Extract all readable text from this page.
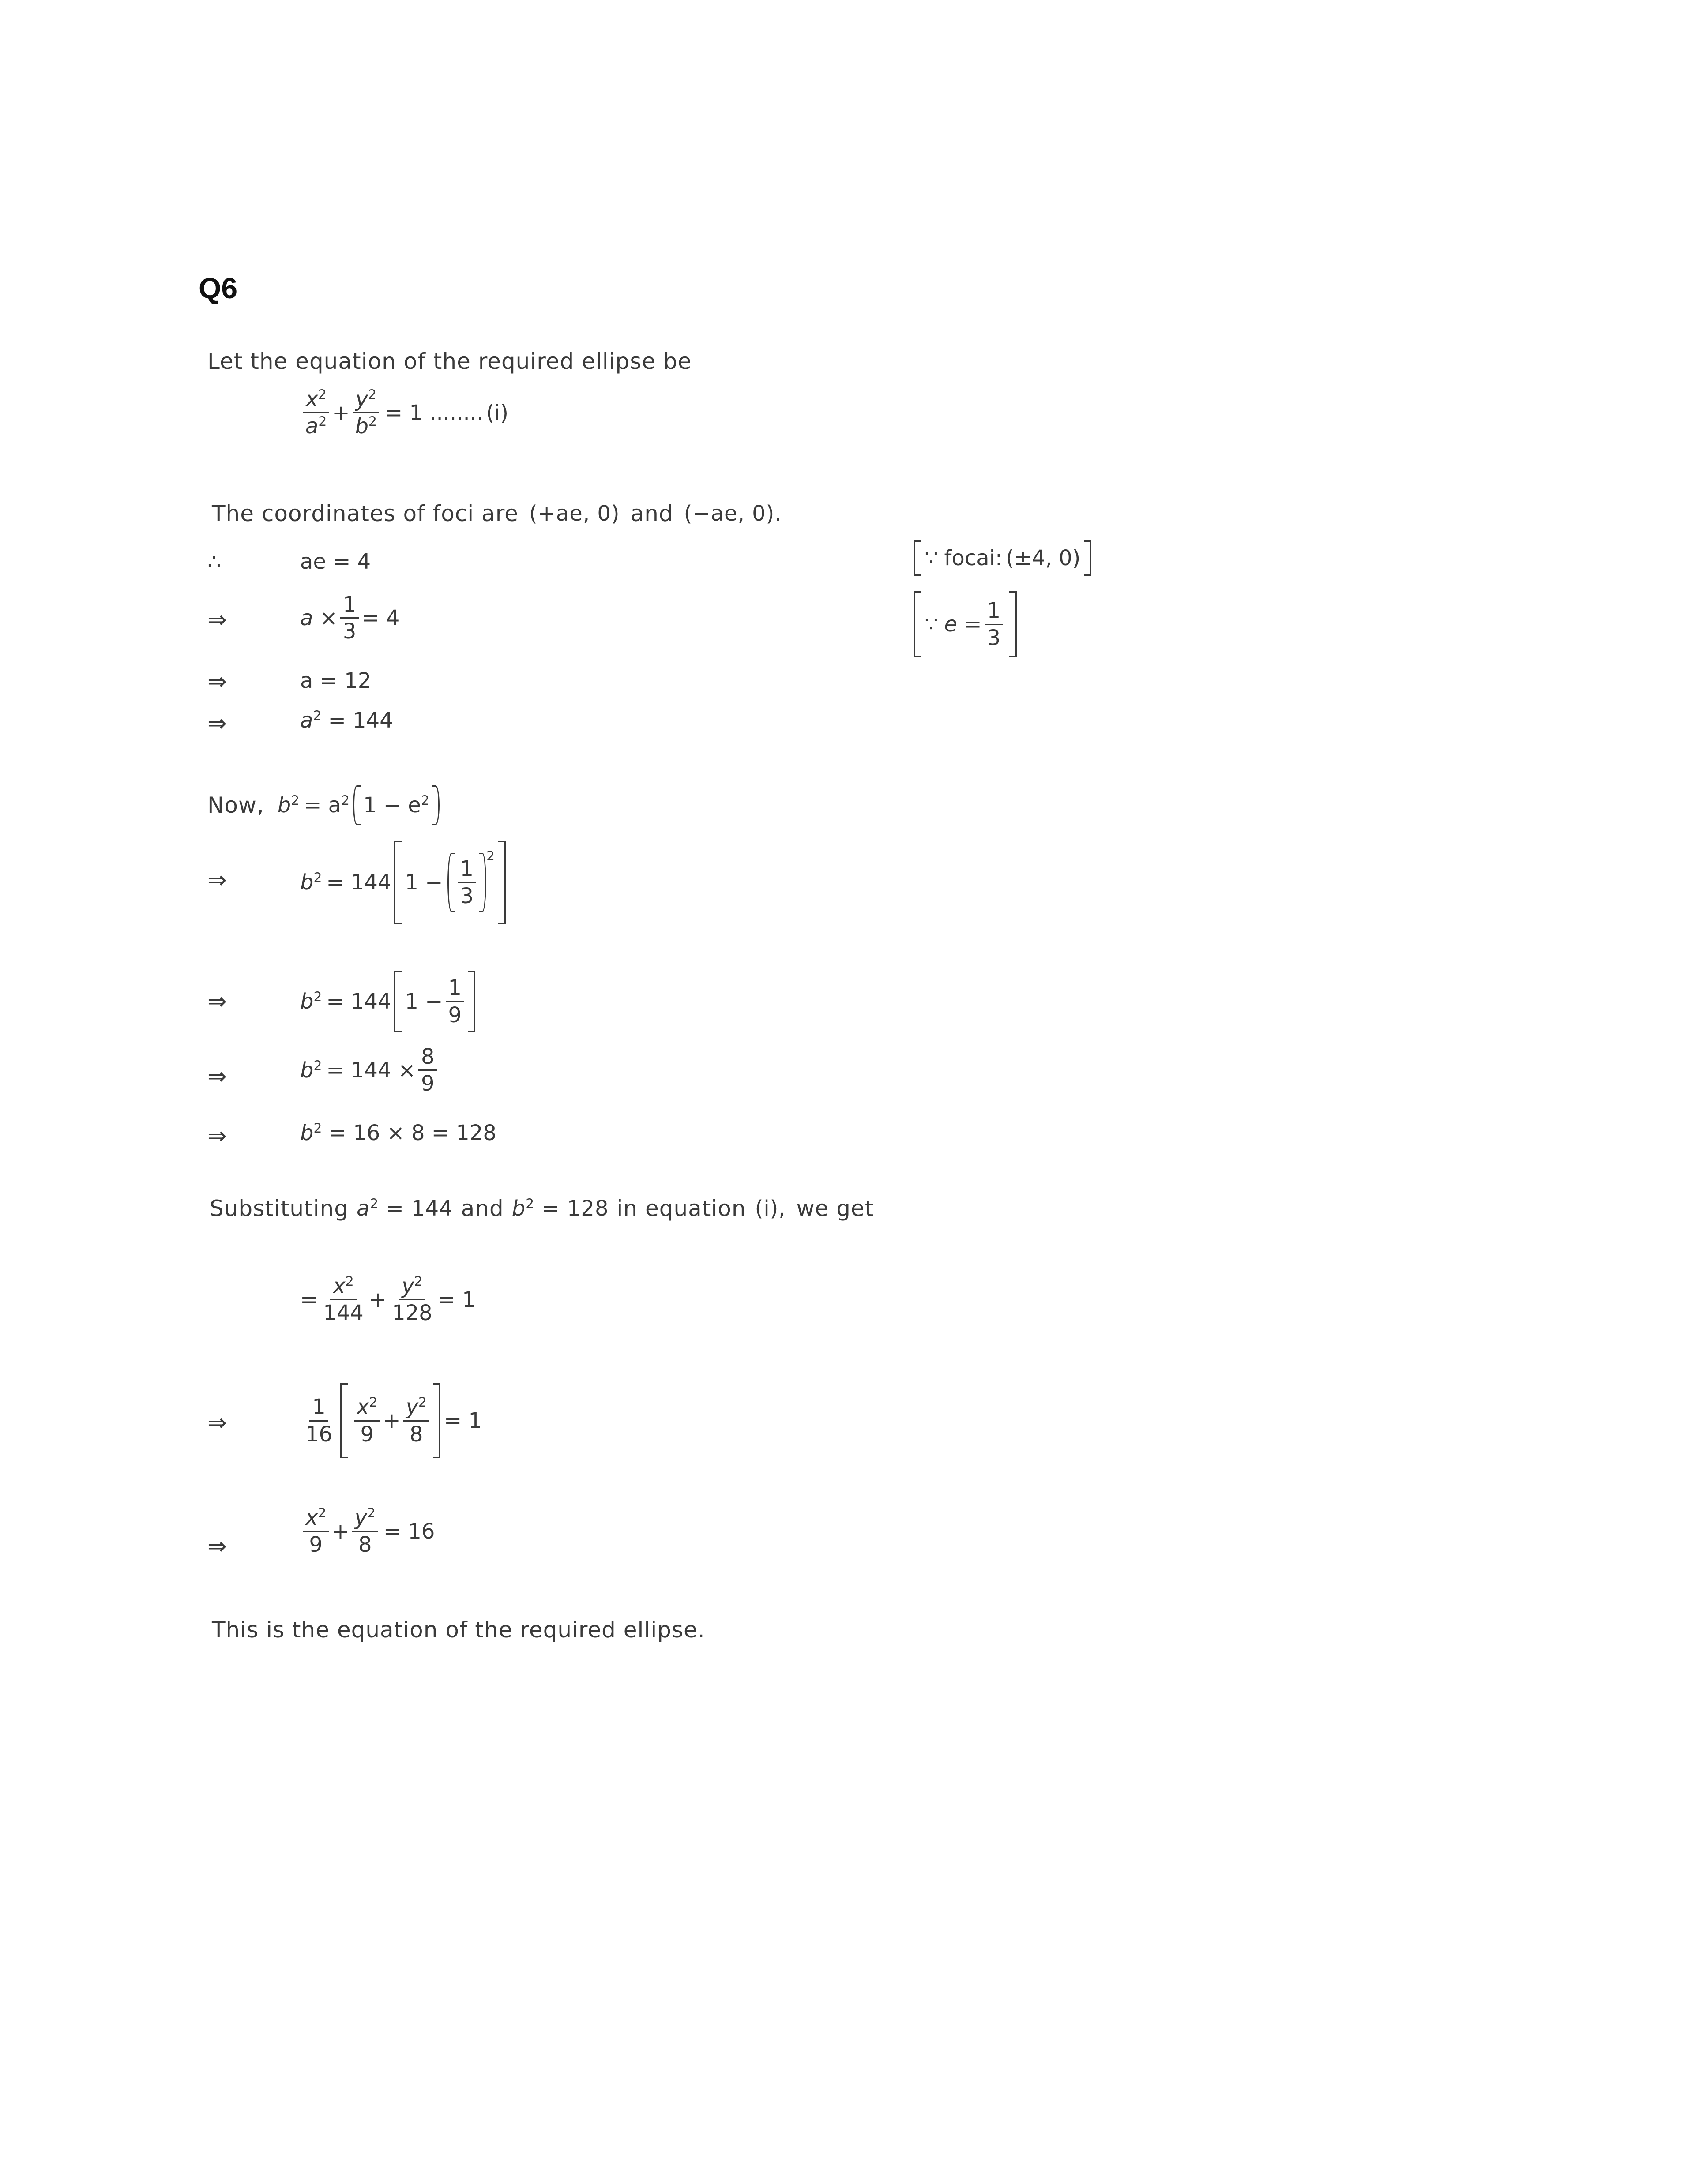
Q6
Let the equation of the required ellipse be
$\frac{x^2}{a^2} + \frac{y^2}{b^2} = 1$ ........ (i)
The coordinates of foci are (+ae, 0) and (−ae, 0).
∴	ae = 4	∵ focai: (±4, 0)
⇒	$a \times \frac{1}{3} = 4$	∵ $e = \frac{1}{3}$
⇒	a = 12
⇒	$a^2 = 144$
Now, $b^2 = a^2$ $1 - e^2$
⇒	$b^2 = 144$ $1 - \frac{1}{3}$
2
⇒	$b^2 = 144$ $1 - \frac{1}{9}$
⇒	$b^2 = 144 \times \frac{8}{9}$
⇒	$b^2 = 16 \times 8 = 128$
Substituting $a^2 = 144$ and $b^2 = 128$ in equation (i), we get
= $\frac{x^2}{144} + \frac{y^2}{128} = 1$
⇒	$\frac{1}{16} \frac{x^2}{9} + \frac{y^2}{8} = 1$
⇒	$\frac{x^2}{9} + \frac{y^2}{8} = 16$
This is the equation of the required ellipse.
